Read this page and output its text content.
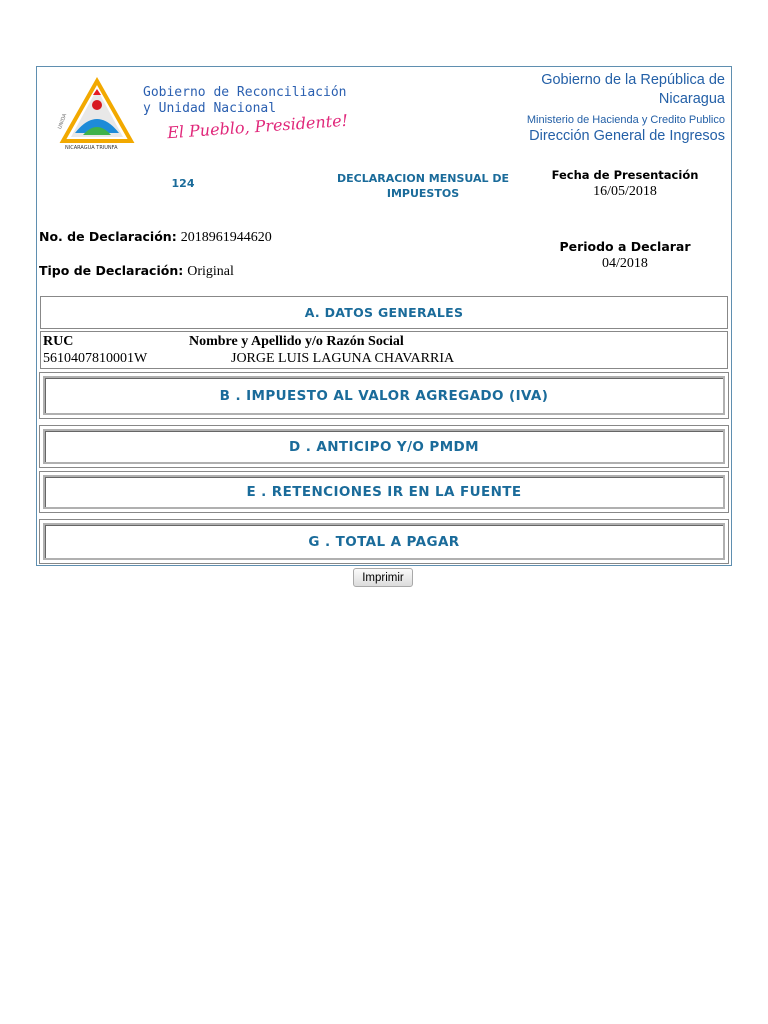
UNIDA
NICARAGUA TRIUNFA
Gobierno de Reconciliación
y Unidad Nacional
El Pueblo, Presidente!
Gobierno de la República de
Nicaragua
Ministerio de Hacienda y Credito Publico
Dirección General de Ingresos
124	DECLARACION MENSUAL DE IMPUESTOS
Fecha de Presentación
16/05/2018
No. de Declaración: 2018961944620
Tipo de Declaración: Original
Periodo a Declarar
04/2018
A. DATOS GENERALES
RUC	Nombre y Apellido y/o Razón Social
5610407810001W	JORGE LUIS LAGUNA CHAVARRIA
B . IMPUESTO AL VALOR AGREGADO (IVA)
D . ANTICIPO Y/O PMDM
E . RETENCIONES IR EN LA FUENTE
G . TOTAL A PAGAR
Imprimir
